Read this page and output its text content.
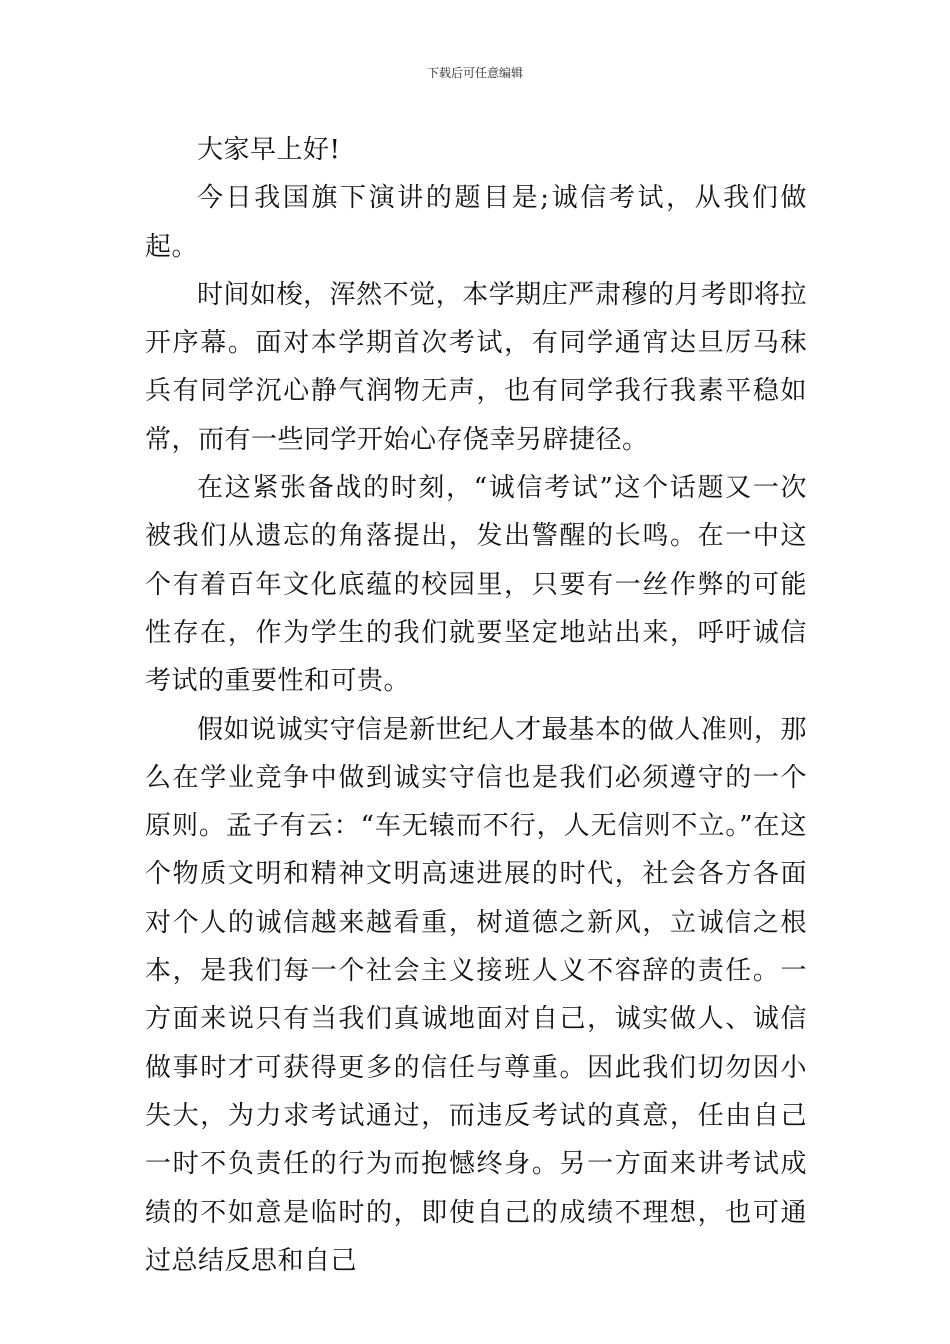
下载后可任意编辑

大家早上好!

今日我国旗下演讲的题目是;诚信考试，从我们做起。

时间如梭，浑然不觉，本学期庄严肃穆的月考即将拉开序幕。面对本学期首次考试，有同学通宵达旦厉马秣兵有同学沉心静气润物无声，也有同学我行我素平稳如常，而有一些同学开始心存侥幸另辟捷径。

在这紧张备战的时刻，“诚信考试”这个话题又一次被我们从遗忘的角落提出，发出警醒的长鸣。在一中这个有着百年文化底蕴的校园里，只要有一丝作弊的可能性存在，作为学生的我们就要坚定地站出来，呼吁诚信考试的重要性和可贵。

假如说诚实守信是新世纪人才最基本的做人准则，那么在学业竞争中做到诚实守信也是我们必须遵守的一个原则。孟子有云：“车无辕而不行，人无信则不立。”在这个物质文明和精神文明高速进展的时代，社会各方各面对个人的诚信越来越看重，树道德之新风，立诚信之根本，是我们每一个社会主义接班人义不容辞的责任。一方面来说只有当我们真诚地面对自己，诚实做人、诚信做事时才可获得更多的信任与尊重。因此我们切勿因小失大，为力求考试通过，而违反考试的真意，任由自己一时不负责任的行为而抱憾终身。另一方面来讲考试成绩的不如意是临时的，即使自己的成绩不理想，也可通过总结反思和自己
